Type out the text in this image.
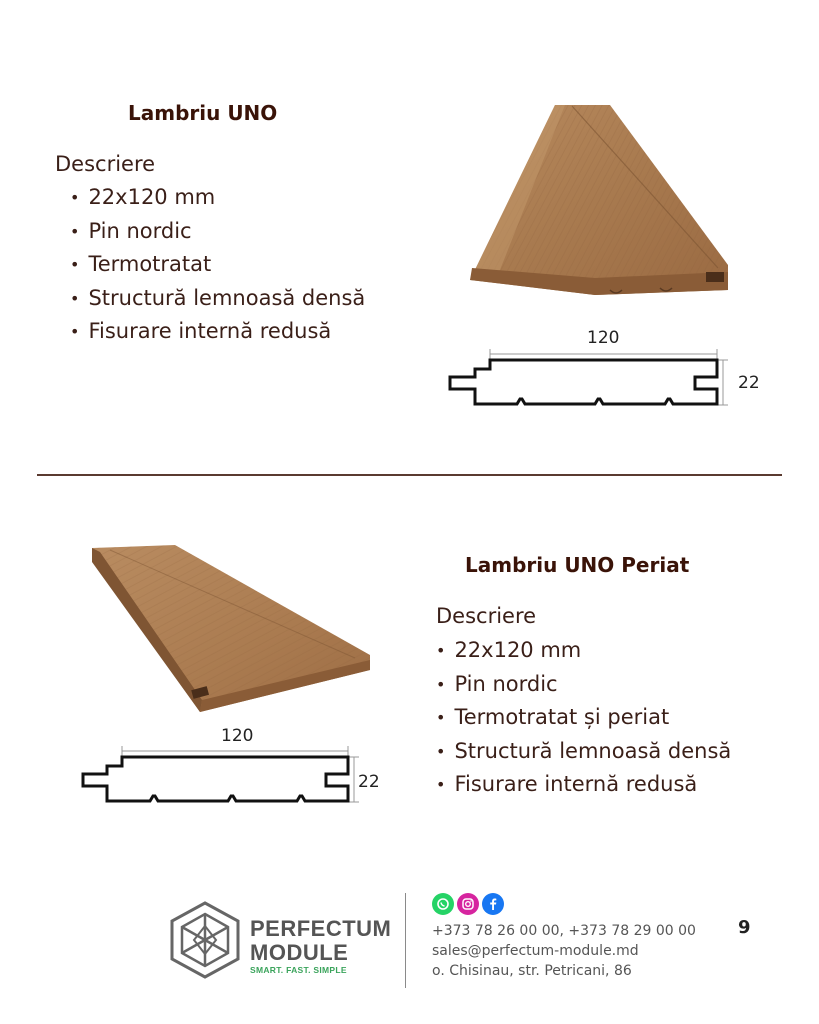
Lambriu UNO
Descriere
• 22x120 mm
• Pin nordic
• Termotratat
• Structură lemnoasă densă
• Fisurare internă redusă	120
22
120
22
Lambriu UNO Periat
Descriere
• 22x120 mm
• Pin nordic
• Termotratat și periat
• Structură lemnoasă densă
• Fisurare internă redusă
PERFECTUM
MODULE
SMART. FAST. SIMPLE
+373 78 26 00 00, +373 78 29 00 00
sales@perfectum-module.md
o. Chisinau, str. Petricani, 86
9
